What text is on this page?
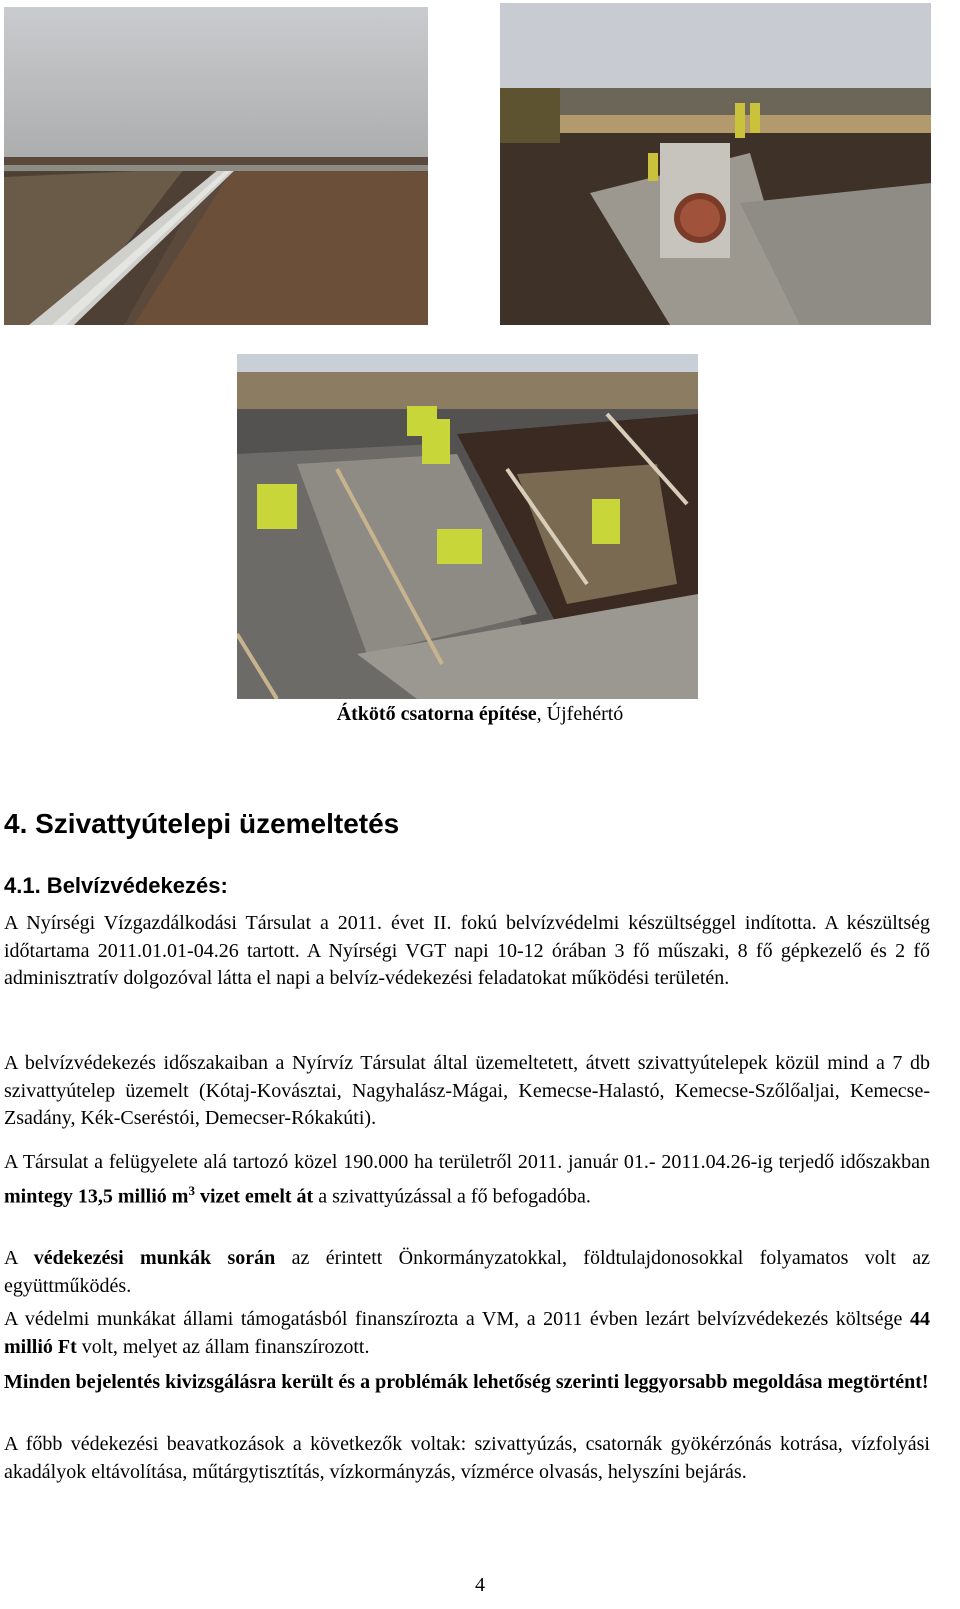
Átkötő csatorna építése, Újfehértó
4. Szivattyútelepi üzemeltetés
4.1. Belvízvédekezés:

A Nyírségi Vízgazdálkodási Társulat a 2011. évet II. fokú belvízvédelmi készültséggel indította. A készültség időtartama 2011.01.01-04.26 tartott. A Nyírségi VGT napi 10-12 órában 3 fő műszaki, 8 fő gépkezelő és 2 fő adminisztratív dolgozóval látta el napi a belvíz-védekezési feladatokat működési területén.

A belvízvédekezés időszakaiban a Nyírvíz Társulat által üzemeltetett, átvett szivattyútelepek közül mind a 7 db szivattyútelep üzemelt (Kótaj-Kovásztai, Nagyhalász-Mágai, Kemecse-Halastó, Kemecse-Szőlőaljai, Kemecse-Zsadány, Kék-Cseréstói, Demecser-Rókakúti).

A Társulat a felügyelete alá tartozó közel 190.000 ha területről 2011. január 01.- 2011.04.26-ig terjedő időszakban mintegy 13,5 millió $m^3$ vizet emelt át a szivattyúzással a fő befogadóba.

A védekezési munkák során az érintett Önkormányzatokkal, földtulajdonosokkal folyamatos volt az együttműködés.

A védelmi munkákat állami támogatásból finanszírozta a VM, a 2011 évben lezárt belvízvédekezés költsége 44 millió Ft volt, melyet az állam finanszírozott.

Minden bejelentés kivizsgálásra került és a problémák lehetőség szerinti leggyorsabb megoldása megtörtént!

A főbb védekezési beavatkozások a következők voltak: szivattyúzás, csatornák gyökérzónás kotrása, vízfolyási akadályok eltávolítása, műtárgytisztítás, vízkormányzás, vízmérce olvasás, helyszíni bejárás.

4
